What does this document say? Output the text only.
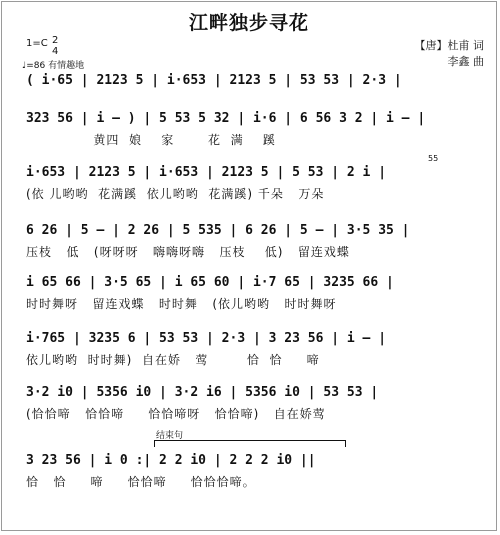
江畔独步寻花
1=C 2
4
♩=86 有情趣地
【唐】杜甫 词
李鑫 曲
( i·65 | 2123 5 | i·653 | 2123 5 | 53 53 | 2·3 |
323 56 | i – ) | 5 53 5 32 | i·6 | 6 56 3 2 | i – |
黄四  娘    家       花  满    蹊
55
i·653 | 2123 5 | i·653 | 2123 5 | 5 53 | 2 i |
(依 儿哟哟  花满蹊  依儿哟哟  花满蹊) 千朵   万朵
6 26 | 5 – | 2 26 | 5 535 | 6 26 | 5 – | 3·5 35 |
压枝   低   (呀呀呀   嗨嗨呀嗨   压枝    低)   留连戏蝶
i 65 66 | 3·5 65 | i 65 60 | i·7 65 | 3235 66 |
时时舞呀   留连戏蝶   时时舞   (依儿哟哟   时时舞呀
i·765 | 3235 6 | 53 53 | 2·3 | 3 23 56 | i – |
依儿哟哟  时时舞)  自在娇   莺        恰  恰     啼
3·2 i0 | 5356 i0 | 3·2 i6 | 5356 i0 | 53 53 |
(恰恰啼   恰恰啼     恰恰啼呀   恰恰啼)   自在娇莺
结束句
3 23 56 | i 0 :| 2 2 i0 | 2 2 2 i0 ||
恰   恰     啼     恰恰啼     恰恰恰啼。
